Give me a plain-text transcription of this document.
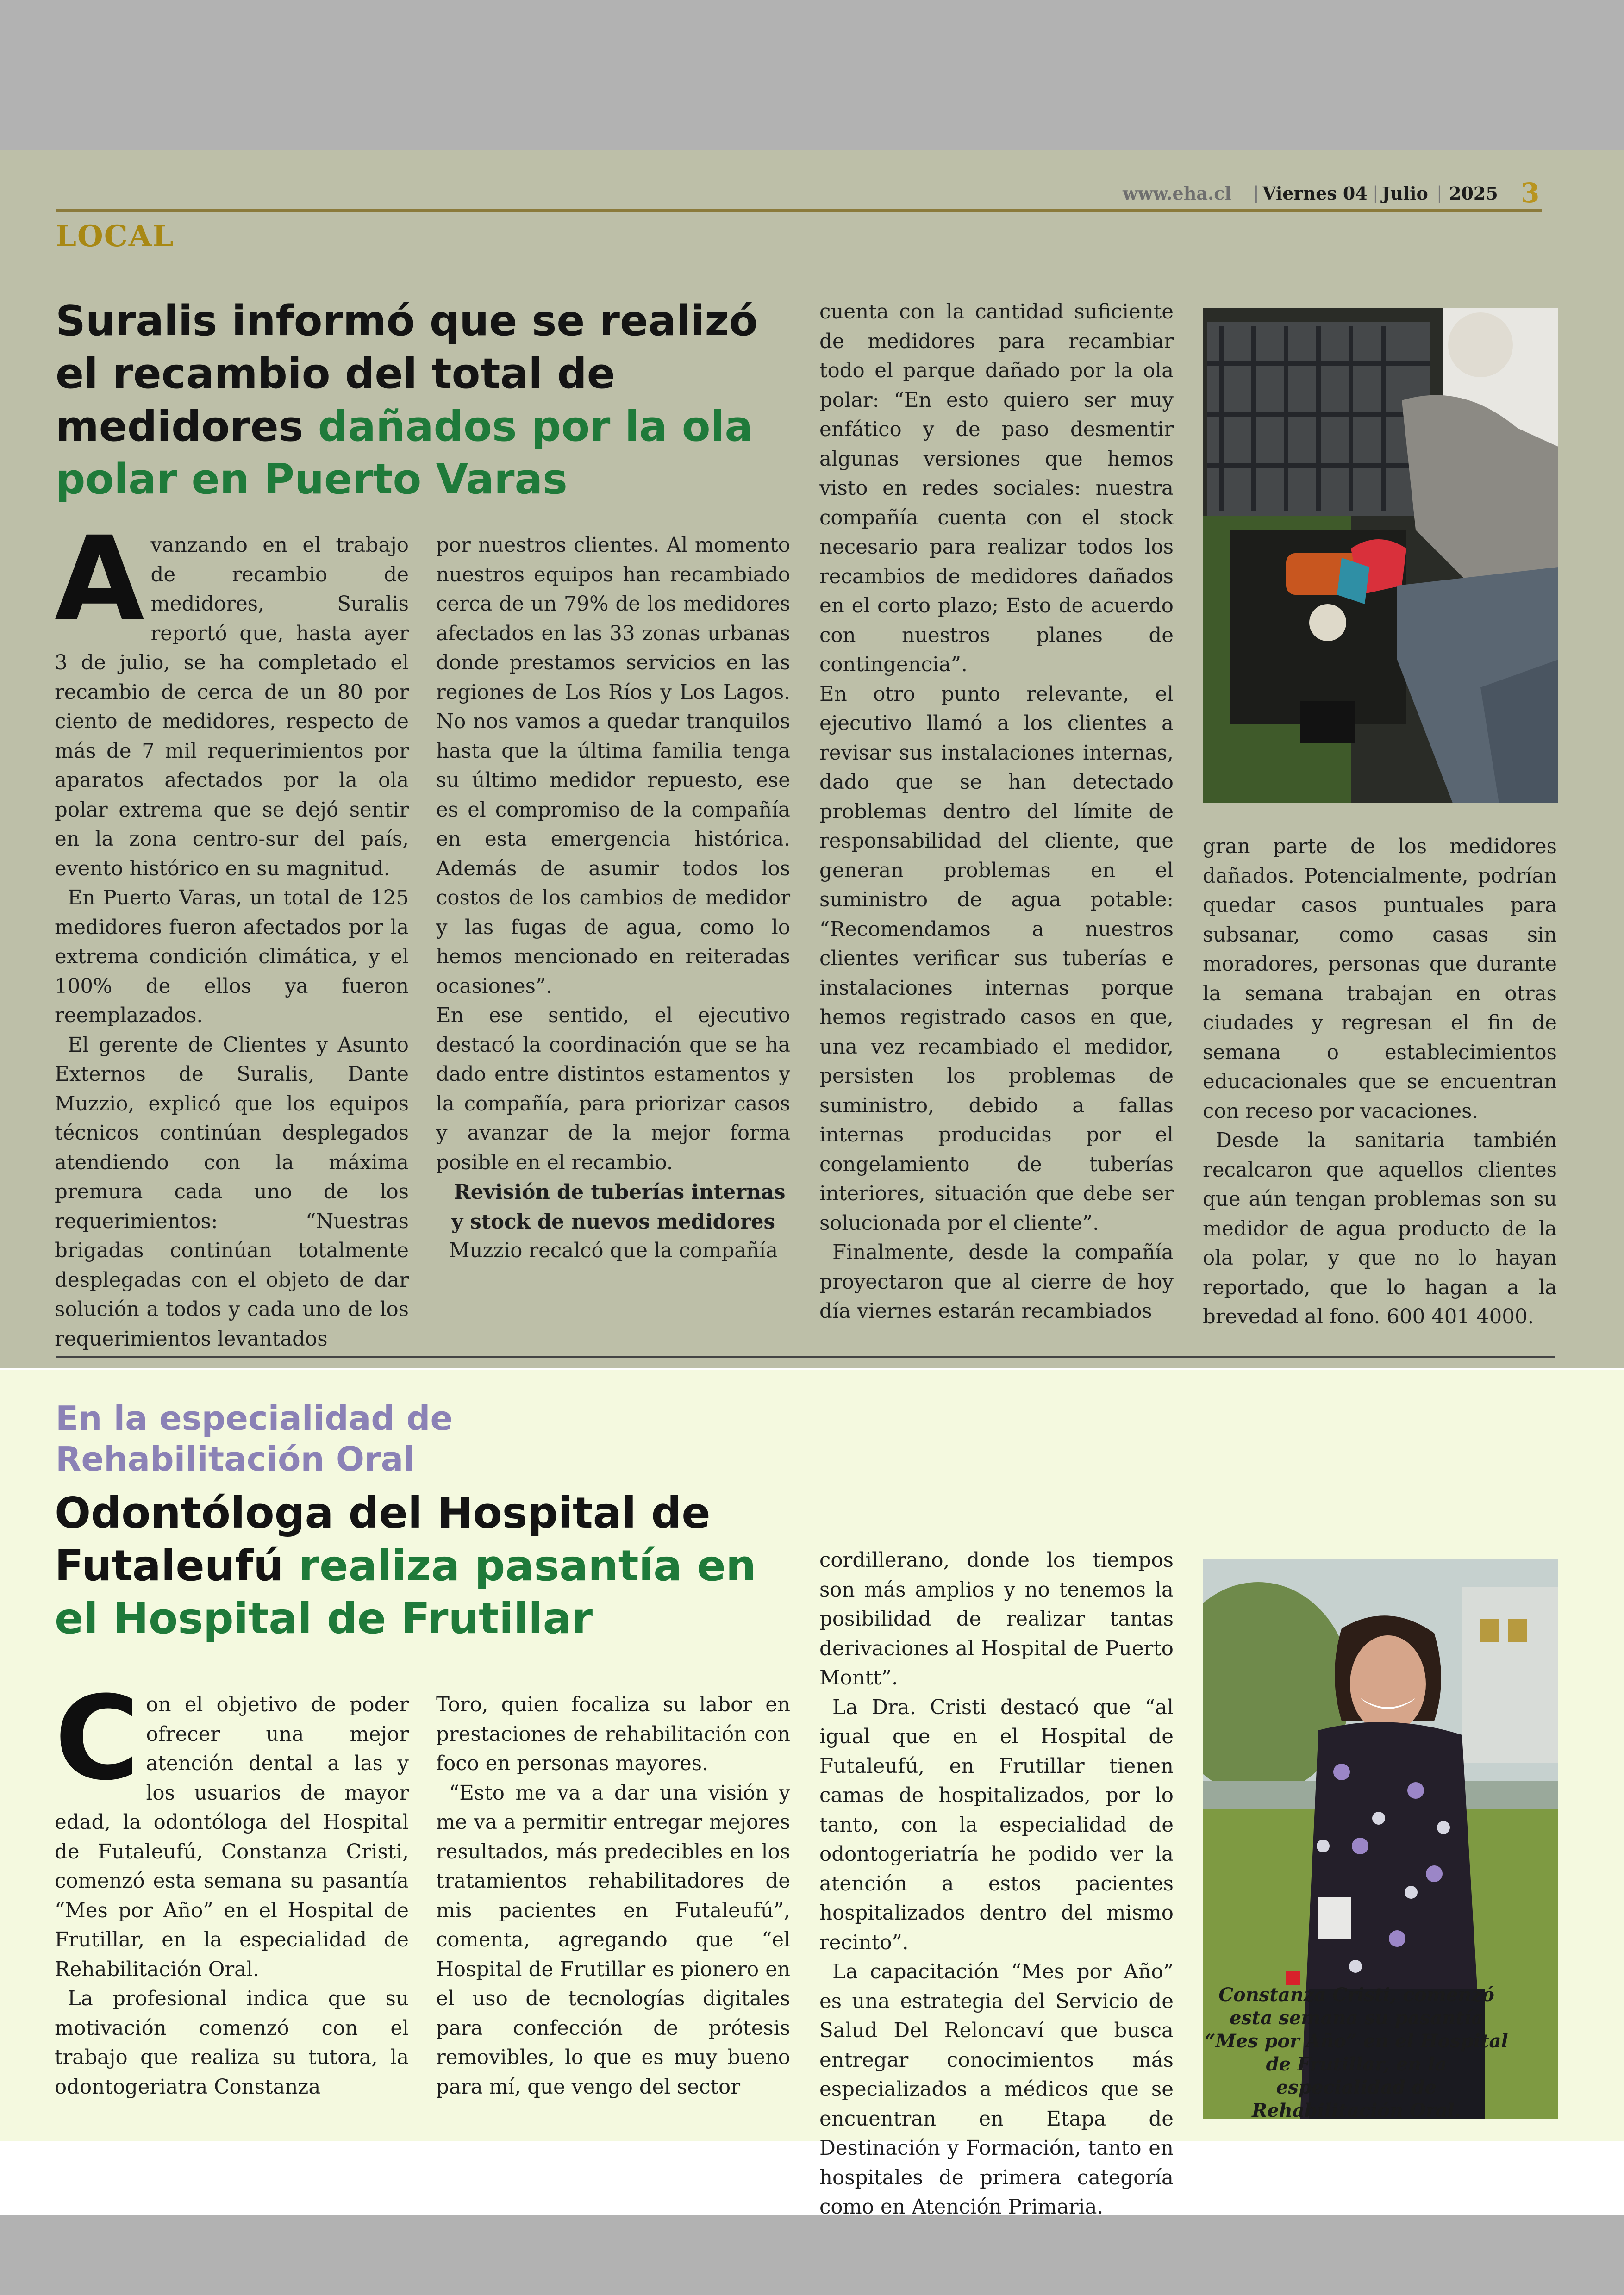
www.eha.cl | Viernes 04 | Julio | 2025 3
LOCAL
Suralis informó que se realizó el recambio del total de medidores dañados por la ola polar en Puerto Varas
A vanzando en el trabajo de recambio de medidores, Suralis reportó que, hasta ayer 3 de julio, se ha completado el recambio de cerca de un 80 por ciento de medidores, respecto de más de 7 mil requerimientos por aparatos afectados por la ola polar extrema que se dejó sentir en la zona centro-sur del país, evento histórico en su magnitud.

En Puerto Varas, un total de 125 medidores fueron afectados por la extrema condición climática, y el 100% de ellos ya fueron reemplazados.

El gerente de Clientes y Asunto Externos de Suralis, Dante Muzzio, explicó que los equipos técnicos continúan desplegados atendiendo con la máxima premura cada uno de los requerimientos: “Nuestras brigadas continúan totalmente desplegadas con el objeto de dar solución a todos y cada uno de los requerimientos levantados

por nuestros clientes. Al momento nuestros equipos han recambiado cerca de un 79% de los medidores afectados en las 33 zonas urbanas donde prestamos servicios en las regiones de Los Ríos y Los Lagos. No nos vamos a quedar tranquilos hasta que la última familia tenga su último medidor repuesto, ese es el compromiso de la compañía en esta emergencia histórica. Además de asumir todos los costos de los cambios de medidor y las fugas de agua, como lo hemos mencionado en reiteradas ocasiones”.

En ese sentido, el ejecutivo destacó la coordinación que se ha dado entre distintos estamentos y la compañía, para priorizar casos y avanzar de la mejor forma posible en el recambio.

Revisión de tuberías internas y stock de nuevos medidores

Muzzio recalcó que la compañía

cuenta con la cantidad suficiente de medidores para recambiar todo el parque dañado por la ola polar: “En esto quiero ser muy enfático y de paso desmentir algunas versiones que hemos visto en redes sociales: nuestra compañía cuenta con el stock necesario para realizar todos los recambios de medidores dañados en el corto plazo; Esto de acuerdo con nuestros planes de contingencia”.

En otro punto relevante, el ejecutivo llamó a los clientes a revisar sus instalaciones internas, dado que se han detectado problemas dentro del límite de responsabilidad del cliente, que generan problemas en el suministro de agua potable: “Recomendamos a nuestros clientes verificar sus tuberías e instalaciones internas porque hemos registrado casos en que, una vez recambiado el medidor, persisten los problemas de suministro, debido a fallas internas producidas por el congelamiento de tuberías interiores, situación que debe ser solucionada por el cliente”.

Finalmente, desde la compañía proyectaron que al cierre de hoy día viernes estarán recambiados

gran parte de los medidores dañados. Potencialmente, podrían quedar casos puntuales para subsanar, como casas sin moradores, personas que durante la semana trabajan en otras ciudades y regresan el fin de semana o establecimientos educacionales que se encuentran con receso por vacaciones.

Desde la sanitaria también recalcaron que aquellos clientes que aún tengan problemas son su medidor de agua producto de la ola polar, y que no lo hayan reportado, que lo hagan a la brevedad al fono. 600 401 4000.

En la especialidad de Rehabilitación Oral
Odontóloga del Hospital de Futaleufú realiza pasantía en el Hospital de Frutillar
C on el objetivo de poder ofrecer una mejor atención dental a las y los usuarios de mayor edad, la odontóloga del Hospital de Futaleufú, Constanza Cristi, comenzó esta semana su pasantía “Mes por Año” en el Hospital de Frutillar, en la especialidad de Rehabilitación Oral.

La profesional indica que su motivación comenzó con el trabajo que realiza su tutora, la odontogeriatra Constanza

Toro, quien focaliza su labor en prestaciones de rehabilitación con foco en personas mayores.

“Esto me va a dar una visión y me va a permitir entregar mejores resultados, más predecibles en los tratamientos rehabilitadores de mis pacientes en Futaleufú”, comenta, agregando que “el Hospital de Frutillar es pionero en el uso de tecnologías digitales para confección de prótesis removibles, lo que es muy bueno para mí, que vengo del sector

cordillerano, donde los tiempos son más amplios y no tenemos la posibilidad de realizar tantas derivaciones al Hospital de Puerto Montt”.

La Dra. Cristi destacó que “al igual que en el Hospital de Futaleufú, en Frutillar tienen camas de hospitalizados, por lo tanto, con la especialidad de odontogeriatría he podido ver la atención a estos pacientes hospitalizados dentro del mismo recinto”.

La capacitación “Mes por Año” es una estrategia del Servicio de Salud Del Reloncaví que busca entregar conocimientos más especializados a médicos que se encuentran en Etapa de Destinación y Formación, tanto en hospitales de primera categoría como en Atención Primaria.

Constanza Cristi, comenzó esta semana su pasantía “Mes por Año” en el Hospital de Frutillar, en la especialidad de Rehabilitación Oral.
